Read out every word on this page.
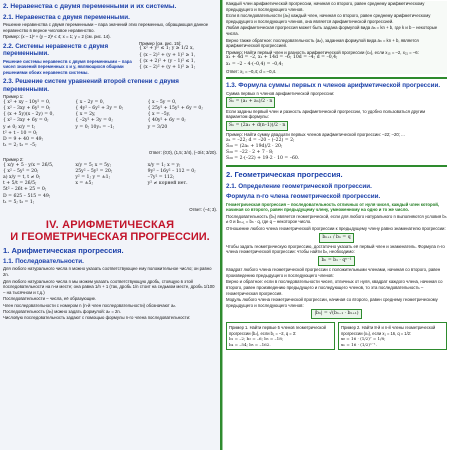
2. Неравенства с двумя переменными и их системы.
2.1. Неравенства с двумя переменными.
Решение неравенства с двумя переменными – пара значений этих переменных, обращающая данное неравенство в верное числовое неравенство.
Пример: (x – 1)² + (y – 2)² ≤ 4; x = 1; y = 2 (см. рис. 14).
2.2. Системы неравенств с двумя переменными.
Решение системы неравенств с двумя переменными – пара чисел значений переменных x и y, являющихся общими решениями обоих неравенств системы.
Пример (см. рис. 15):
{ x² + y² ≤ 1; y ≥ 1/2 x,
{ (x – 2)² + (y + 1)² ≥ 1,
{ (x + 2)² + (y – 1)² ≤ 1,
{ (x – 2)² + (y + 1)² ≥ 1;
2.3. Решение систем уравнений второй степени с двумя переменными.
Пример 1:
{ x² + xy – 10y² = 0,
{ x² – 3xy + 6y² = 0;
{ (x + 5y)(x – 2y) = 0,
{ x² – 3xy + 6y = 0;
y ≠ 0; x/y = t;
t² + t – 10 = 0;
D = 9 + 40 = 49;
t₁ = 2; t₂ = –5;
{ x – 2y = 0,
{ 4y² – 6y² + 3y = 0;
{ x = 2y,
{ –2y² + 3y = 0;
y = 0; 10y₁ = –1;
{ x – 5y = 0,
{ 25y² + 15y² + 6y = 0;
{ x = –5y,
{ 40y² + 6y = 0;
y = 3/20
Ответ: (0;0), (1,5; 3/4), (–3/4; 3/20).
Пример 2:
{ x/y + 5 · y/x = 26/5,
{ x² – 5y² = 20;
a) x/y = t, t ≠ 0;
t + 5/t = 26/5;
5t² – 26t + 25 = 0;
D = 625 – 515 = 49;
t₁ = 5; t₂ = 1;
x/y = 5; x = 5y;
25y² – 5y² = 20;
y² = 1; y = ±1;
x = ±5;
x/y = 1; x = y;
9y² – 16y² – 112 = 0;
–7y² = 112;
y² ≠ корней нет.
Ответ: (–4; 3).
IV. АРИФМЕТИЧЕСКАЯ
И ГЕОМЕТРИЧЕСКАЯ ПРОГРЕССИИ.
1. Арифметическая прогрессия.
1.1. Последовательности.
Для любого натурального числа n можно указать соответствующее ему положительное число; он равно 2n.
Для любого натурального числа n мы можем указать соответствующую дробь, стоящую в этой последовательности на n-м месте; она равна 1/n + 1 (так, дробь 1/n стоит на седьмом месте, дробь 1/100 – на тысячном и т.д.)
Последовательности – числа, её образующие.
Член последовательности с номером n (n-й член последовательности) обозначают aₙ. Последовательность (aₙ) можно задать формулой: aₙ = 2n.
Числовую последовательность задают с помощью формулы n-го члена последовательности:
Каждый член арифметической прогрессии, начиная со второго, равен среднему арифметическому предыдущего и последующего членов.
Если в последовательности (aₙ) каждый член, начиная со второго, равен среднему арифметическому предыдущего и последующего членов, она является арифметической прогрессией.
Любая арифметическая прогрессия может быть задана формулой вида aₙ = kn + b, где k и b – некоторые числа.
Верно также обратное: последовательность (aₙ), заданная формулой вида aₙ = kn + b, является арифметической прогрессией.
Пример: Найти первый член и разность арифметической прогрессии (cₙ), если x₁₅ = –2, x₂₁ = –6:
x₁ + 4d = –2, x₁ + 14d = –6; 10d = –4; d = –0,4;
x₁ = –2 – 4·(–0,4) = –0,4;
Ответ: x₁ = –0,4; d = –0,4.
1.3. Формула суммы первых n членов арифметической прогрессии.
Сумма первых n членов арифметической прогрессии:
Sₙ = (a₁ + aₙ)/2 · n
Если заданы первый член и разность арифметической прогрессии, то удобно пользоваться другим вариантом формулы:
Sₙ = (2a₁ + d(n–1))/2 · n
Пример: Найти сумму двадцати первых членов арифметической прогрессии: –22; –20; ...
a₁ = –22; d = –20 – (–22) = 2;
S₂₀ = (2a₁ + 19d)/2 · 20;
S₂₀ = –22 · 2 + 7 · 8;
S₂₀ = 2·(–22) + 19·2 · 10 = –60.
2. Геометрическая прогрессия.
2.1. Определение геометрической прогрессии.
Формула n-го члена геометрической прогрессии.
Геометрическая прогрессия – последовательность отличных от нуля чисел, каждый член которой, начиная со второго, равен предыдущему члену, умноженному на одно и то же число.
Последовательность (bₙ) является геометрической, если для любого натурального n выполняются условия bₙ ≠ 0 и bₙ₊₁ = bₙ · q, где q – некоторое число.
Отношение любого члена геометрической прогрессии к предыдущему члену равно знаменателю прогрессии:
bₙ₊₁ / bₙ = q
Чтобы задать геометрическую прогрессию, достаточно указать её первый член и знаменатель. Формула n-го члена геометрической прогрессии: чтобы найти bₙ, необходимо:
bₙ = b₁ · qⁿ⁻¹
Квадрат любого члена геометрической прогрессии с положительными членами, начиная со второго, равен произведению предыдущего и последующего членов:
Верно и обратное: если в последовательности чисел, отличных от нуля, квадрат каждого члена, начиная со второго, равен произведению предыдущего и последующего членов, то эта последовательность – геометрическая прогрессия.
Модуль любого члена геометрической прогрессии, начиная со второго, равен среднему геометрическому предыдущего и последующего членов:
|bₙ| = √(bₙ₋₁ · bₙ₊₁)
Пример 1. Найти первые 5 членов геометрической прогрессии (bₙ), если b₁ = –2, q = 3:
b₁ = –2; b₂ = –6; b₃ = –18;
b₄ = –54; b₅ = –162.
Пример 2. Найти 8-й и n-й члены геометрической прогрессии (xₙ), если x₁ = 16, q = 1/2:
x₈ = 16 · (1/2)⁷ = 1/8;
xₙ = 16 · (1/2)ⁿ⁻¹.
